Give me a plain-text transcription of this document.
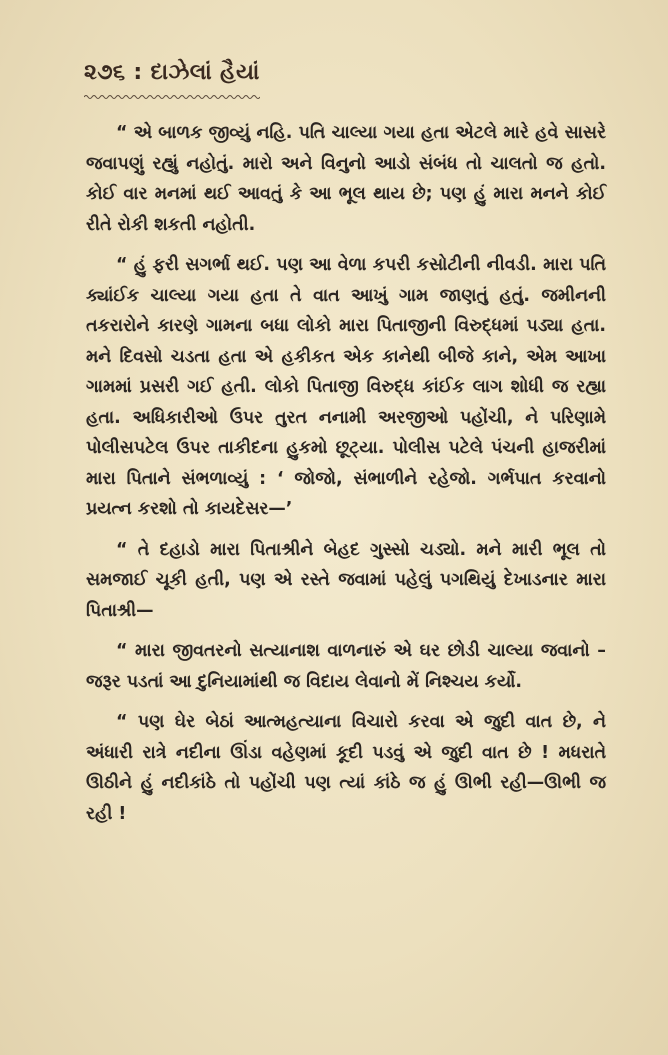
૨૭૬ : દાઝેલાં હૈયાં

“ એ બાળક જીવ્યું નહિ. પતિ ચાલ્યા ગયા હતા એટલે મારે હવે સાસરે જવાપણું રહ્યું નહોતું. મારો અને વિનુનો આડો સંબંધ તો ચાલતો જ હતો. કોઈ વાર મનમાં થઈ આવતું કે આ ભૂલ થાય છે; પણ હું મારા મનને કોઈ રીતે રોકી શકતી નહોતી.

“ હું ફરી સગર્ભા થઈ. પણ આ વેળા કપરી કસોટીની નીવડી. મારા પતિ ક્યાંઈક ચાલ્યા ગયા હતા તે વાત આખું ગામ જાણતું હતું. જમીનની તકરારોને કારણે ગામના બધા લોકો મારા પિતાજીની વિરુદ્ધમાં પડ્યા હતા. મને દિવસો ચડતા હતા એ હકીકત એક કાનેથી બીજે કાને, એમ આખા ગામમાં પ્રસરી ગઈ હતી. લોકો પિતાજી વિરુદ્ધ કાંઈક લાગ શોધી જ રહ્યા હતા. અધિકારીઓ ઉપર તુરત નનામી અરજીઓ પહોંચી, ને પરિણામે પોલીસપટેલ ઉપર તાકીદના હુકમો છૂટ્યા. પોલીસ પટેલે પંચની હાજરીમાં મારા પિતાને સંભળાવ્યું : ‘ જોજો, સંભાળીને રહેજો. ગર્ભપાત કરવાનો પ્રયત્ન કરશો તો કાયદેસર—’

“ તે દહાડો મારા પિતાશ્રીને બેહદ ગુસ્સો ચડ્યો. મને મારી ભૂલ તો સમજાઈ ચૂકી હતી, પણ એ રસ્તે જવામાં પહેલું પગથિયું દેખાડનાર મારા પિતાશ્રી—

“ મારા જીવતરનો સત્યાનાશ વાળનારું એ ઘર છોડી ચાલ્યા જવાનો – જરૂર પડતાં આ દુનિયામાંથી જ વિદાય લેવાનો મેં નિશ્ચય કર્યો.

“ પણ ઘેર બેઠાં આત્મહત્યાના વિચારો કરવા એ જુદી વાત છે, ને અંધારી રાત્રે નદીના ઊંડા વહેણમાં કૂદી પડવું એ જુદી વાત છે ! મધરાતે ઊઠીને હું નદીકાંઠે તો પહોંચી પણ ત્યાં કાંઠે જ હું ઊભી રહી—ઊભી જ રહી !
